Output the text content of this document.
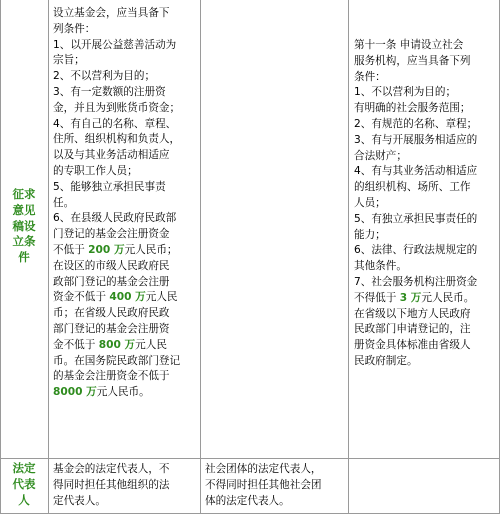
征求
意见
稿设
立条
件
设立基金会，应当具备下
列条件：
1、以开展公益慈善活动为
宗旨；
2、不以营利为目的；
3、有一定数额的注册资
金，并且为到账货币资金；
4、有自己的名称、章程、
住所、组织机构和负责人，
以及与其业务活动相适应
的专职工作人员；
5、能够独立承担民事责
任。
6、在县级人民政府民政部
门登记的基金会注册资金
不低于 200 万元人民币；
在设区的市级人民政府民
政部门登记的基金会注册
资金不低于 400 万元人民
币；在省级人民政府民政
部门登记的基金会注册资
金不低于 800 万元人民
币。在国务院民政部门登记
的基金会注册资金不低于
8000 万元人民币。
第十一条 申请设立社会
服务机构，应当具备下列
条件：
1、不以营利为目的；
有明确的社会服务范围；
2、有规范的名称、章程；
3、有与开展服务相适应的
合法财产；
4、有与其业务活动相适应
的组织机构、场所、工作
人员；
5、有独立承担民事责任的
能力；
6、法律、行政法规规定的
其他条件。
7、社会服务机构注册资金
不得低于 3 万元人民币。
在省级以下地方人民政府
民政部门申请登记的，注
册资金具体标准由省级人
民政府制定。
法定
代表
人
基金会的法定代表人，不
得同时担任其他组织的法
定代表人。
社会团体的法定代表人，
不得同时担任其他社会团
体的法定代表人。
